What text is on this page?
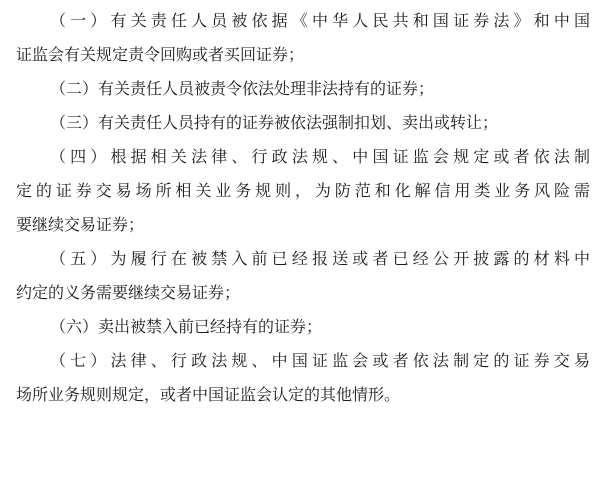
（一）有关责任人员被依据《中华人民共和国证券法》和中国
证监会有关规定责令回购或者买回证券；
（二）有关责任人员被责令依法处理非法持有的证券；
（三）有关责任人员持有的证券被依法强制扣划、卖出或转让；
（四）根据相关法律、行政法规、中国证监会规定或者依法制
定的证券交易场所相关业务规则，为防范和化解信用类业务风险需
要继续交易证券；
（五）为履行在被禁入前已经报送或者已经公开披露的材料中
约定的义务需要继续交易证券；
（六）卖出被禁入前已经持有的证券；
（七）法律、行政法规、中国证监会或者依法制定的证券交易
场所业务规则规定，或者中国证监会认定的其他情形。
